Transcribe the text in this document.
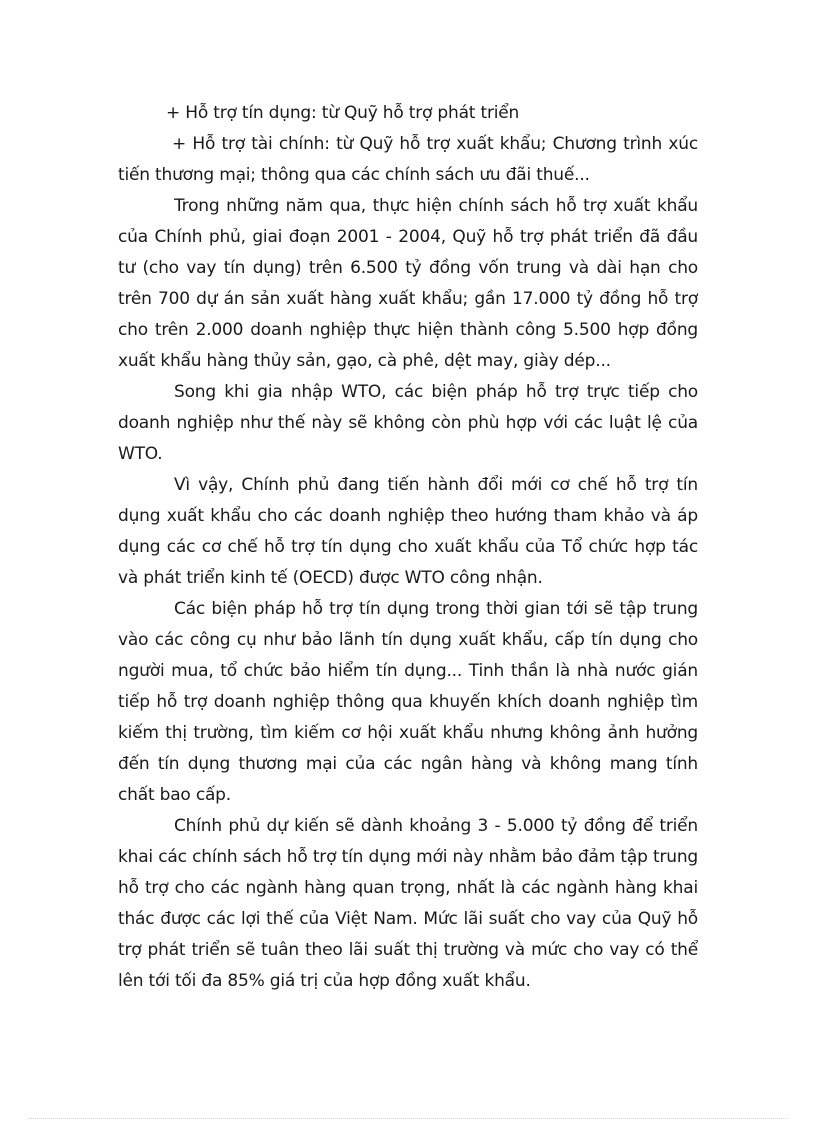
+ Hỗ trợ tín dụng: từ Quỹ hỗ trợ phát triển

+ Hỗ trợ tài chính: từ Quỹ hỗ trợ xuất khẩu; Chương trình xúc tiến thương mại; thông qua các chính sách ưu đãi thuế...

Trong những năm qua, thực hiện chính sách hỗ trợ xuất khẩu của Chính phủ, giai đoạn 2001 - 2004, Quỹ hỗ trợ phát triển đã đầu tư (cho vay tín dụng) trên 6.500 tỷ đồng vốn trung và dài hạn cho trên 700 dự án sản xuất hàng xuất khẩu; gần 17.000 tỷ đồng hỗ trợ cho trên 2.000 doanh nghiệp thực hiện thành công 5.500 hợp đồng xuất khẩu hàng thủy sản, gạo, cà phê, dệt may, giày dép...

Song khi gia nhập WTO, các biện pháp hỗ trợ trực tiếp cho doanh nghiệp như thế này sẽ không còn phù hợp với các luật lệ của WTO.

Vì vậy, Chính phủ đang tiến hành đổi mới cơ chế hỗ trợ tín dụng xuất khẩu cho các doanh nghiệp theo hướng tham khảo và áp dụng các cơ chế hỗ trợ tín dụng cho xuất khẩu của Tổ chức hợp tác và phát triển kinh tế (OECD) được WTO công nhận.

Các biện pháp hỗ trợ tín dụng trong thời gian tới sẽ tập trung vào các công cụ như bảo lãnh tín dụng xuất khẩu, cấp tín dụng cho người mua, tổ chức bảo hiểm tín dụng... Tinh thần là nhà nước gián tiếp hỗ trợ doanh nghiệp thông qua khuyến khích doanh nghiệp tìm kiếm thị trường, tìm kiếm cơ hội xuất khẩu nhưng không ảnh hưởng đến tín dụng thương mại của các ngân hàng và không mang tính chất bao cấp.

Chính phủ dự kiến sẽ dành khoảng 3 - 5.000 tỷ đồng để triển khai các chính sách hỗ trợ tín dụng mới này nhằm bảo đảm tập trung hỗ trợ cho các ngành hàng quan trọng, nhất là các ngành hàng khai thác được các lợi thế của Việt Nam. Mức lãi suất cho vay của Quỹ hỗ trợ phát triển sẽ tuân theo lãi suất thị trường và mức cho vay có thể lên tới tối đa 85% giá trị của hợp đồng xuất khẩu.
